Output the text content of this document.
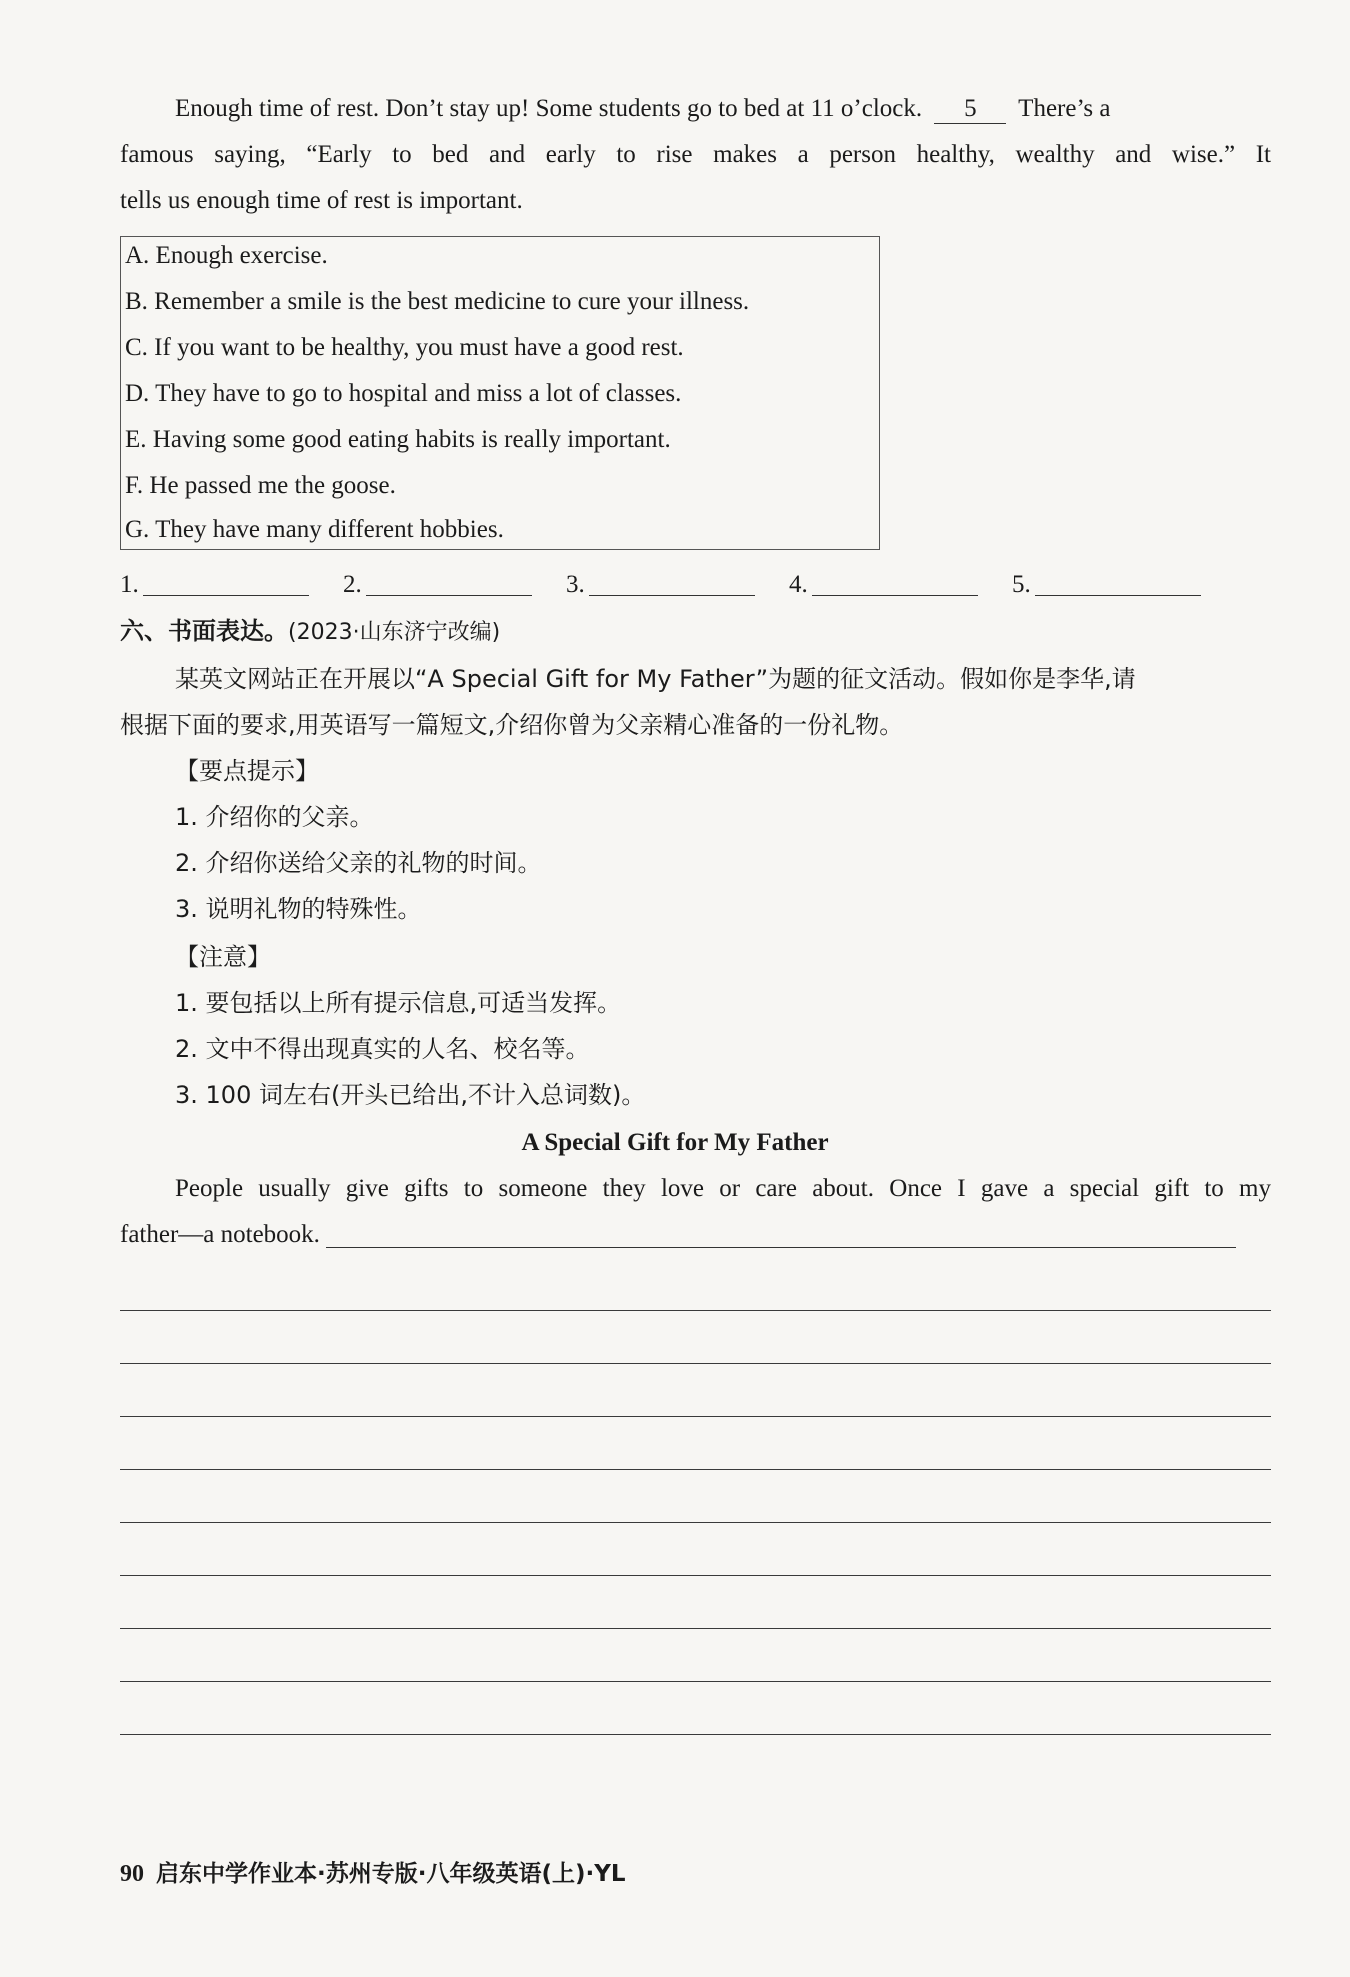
Enough time of rest. Don’t stay up! Some students go to bed at 11 o’clock. 5 There’s a
famous saying, “Early to bed and early to rise makes a person healthy, wealthy and wise.” It
tells us enough time of rest is important.
A. Enough exercise.
B. Remember a smile is the best medicine to cure your illness.
C. If you want to be healthy, you must have a good rest.
D. They have to go to hospital and miss a lot of classes.
E. Having some good eating habits is really important.
F. He passed me the goose.
G. They have many different hobbies.
1.	2.	3.	4.	5.
六、书面表达。(2023·山东济宁改编)
某英文网站正在开展以“A Special Gift for My Father”为题的征文活动。假如你是李华,请
根据下面的要求,用英语写一篇短文,介绍你曾为父亲精心准备的一份礼物。
【要点提示】
1. 介绍你的父亲。
2. 介绍你送给父亲的礼物的时间。
3. 说明礼物的特殊性。
【注意】
1. 要包括以上所有提示信息,可适当发挥。
2. 文中不得出现真实的人名、校名等。
3. 100 词左右(开头已给出,不计入总词数)。
A Special Gift for My Father
People usually give gifts to someone they love or care about. Once I gave a special gift to my
father—a notebook.
90 启东中学作业本·苏州专版·八年级英语(上)·YL
